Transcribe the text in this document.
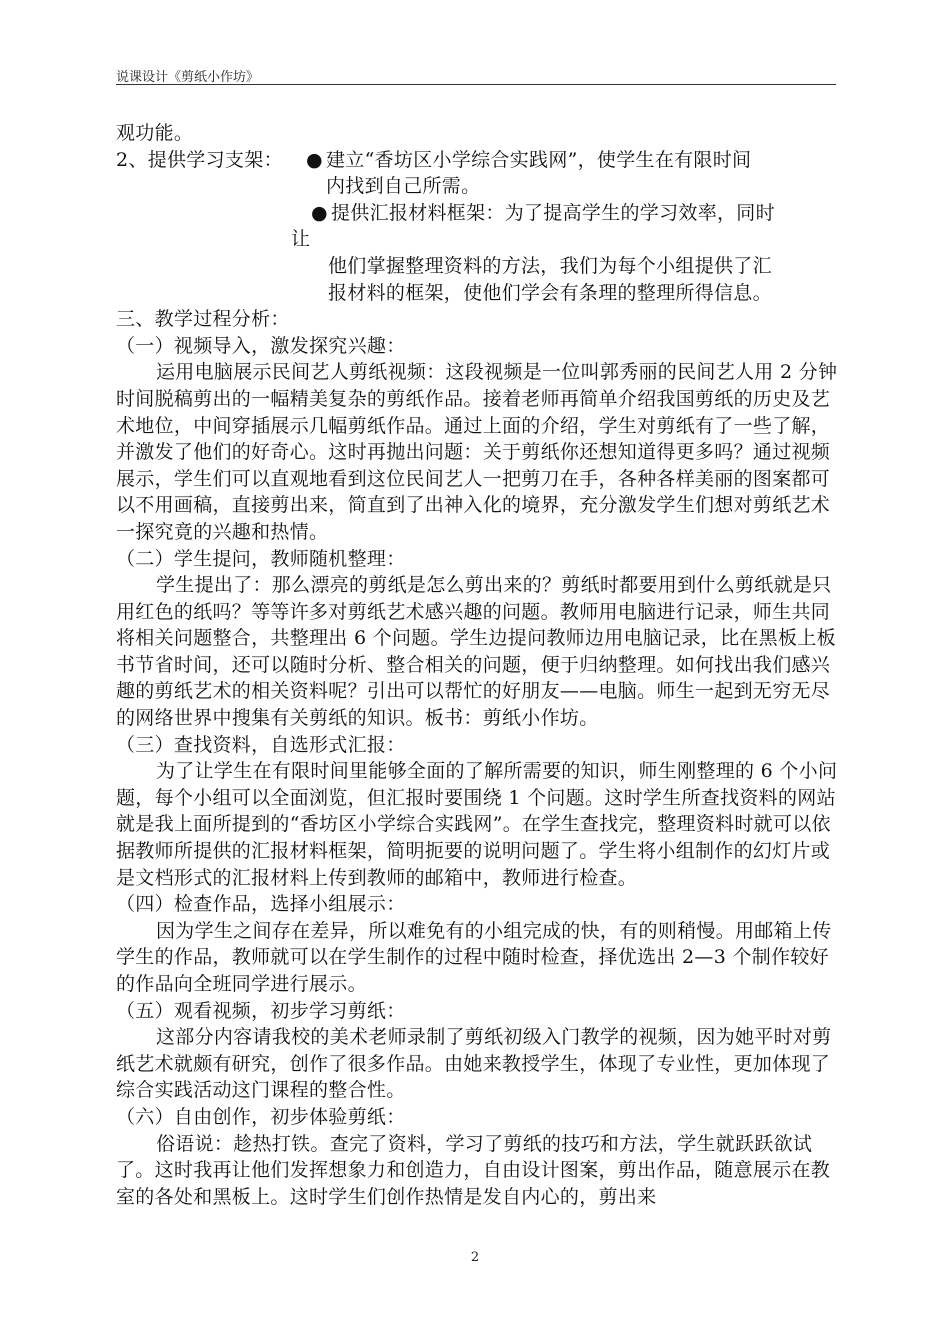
说课设计《剪纸小作坊》

观功能。

2、提供学习支架：	● 建立“香坊区小学综合实践网”，使学生在有限时间

内找到自己所需。

● 提供汇报材料框架：为了提高学生的学习效率，同时

让

他们掌握整理资料的方法，我们为每个小组提供了汇

报材料的框架，使他们学会有条理的整理所得信息。

三、教学过程分析：

（一）视频导入，激发探究兴趣：

运用电脑展示民间艺人剪纸视频：这段视频是一位叫郭秀丽的民间艺人用 2 分钟时间脱稿剪出的一幅精美复杂的剪纸作品。接着老师再简单介绍我国剪纸的历史及艺术地位，中间穿插展示几幅剪纸作品。通过上面的介绍，学生对剪纸有了一些了解，并激发了他们的好奇心。这时再抛出问题：关于剪纸你还想知道得更多吗？通过视频展示，学生们可以直观地看到这位民间艺人一把剪刀在手，各种各样美丽的图案都可以不用画稿，直接剪出来，简直到了出神入化的境界，充分激发学生们想对剪纸艺术一探究竟的兴趣和热情。

（二）学生提问，教师随机整理：

学生提出了：那么漂亮的剪纸是怎么剪出来的？剪纸时都要用到什么剪纸就是只用红色的纸吗？等等许多对剪纸艺术感兴趣的问题。教师用电脑进行记录，师生共同将相关问题整合，共整理出 6 个问题。学生边提问教师边用电脑记录，比在黑板上板书节省时间，还可以随时分析、整合相关的问题，便于归纳整理。如何找出我们感兴趣的剪纸艺术的相关资料呢？引出可以帮忙的好朋友——电脑。师生一起到无穷无尽的网络世界中搜集有关剪纸的知识。板书：剪纸小作坊。

（三）查找资料，自选形式汇报：

为了让学生在有限时间里能够全面的了解所需要的知识，师生刚整理的 6 个小问题，每个小组可以全面浏览，但汇报时要围绕 1 个问题。这时学生所查找资料的网站就是我上面所提到的“香坊区小学综合实践网”。在学生查找完，整理资料时就可以依据教师所提供的汇报材料框架，简明扼要的说明问题了。学生将小组制作的幻灯片或是文档形式的汇报材料上传到教师的邮箱中，教师进行检查。

（四）检查作品，选择小组展示：

因为学生之间存在差异，所以难免有的小组完成的快，有的则稍慢。用邮箱上传学生的作品，教师就可以在学生制作的过程中随时检查，择优选出 2—3 个制作较好的作品向全班同学进行展示。

（五）观看视频，初步学习剪纸：

这部分内容请我校的美术老师录制了剪纸初级入门教学的视频，因为她平时对剪纸艺术就颇有研究，创作了很多作品。由她来教授学生，体现了专业性，更加体现了综合实践活动这门课程的整合性。

（六）自由创作，初步体验剪纸：

俗语说：趁热打铁。查完了资料，学习了剪纸的技巧和方法，学生就跃跃欲试了。这时我再让他们发挥想象力和创造力，自由设计图案，剪出作品，随意展示在教室的各处和黑板上。这时学生们创作热情是发自内心的，剪出来

2
